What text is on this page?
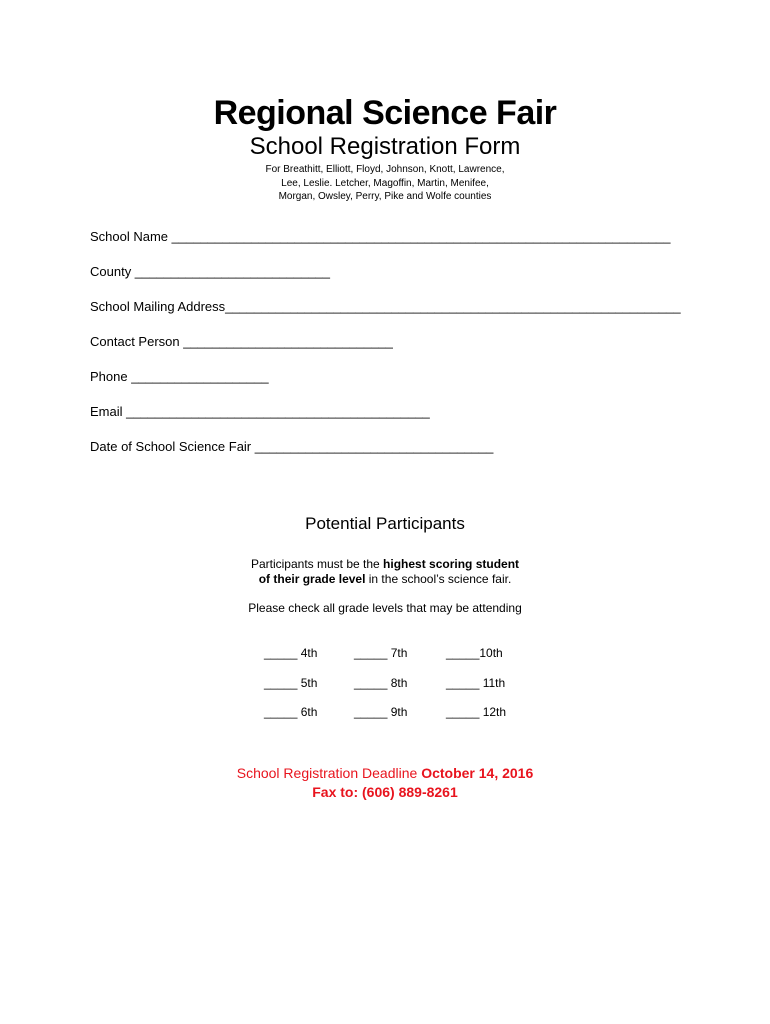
Regional Science Fair
School Registration Form
For Breathitt, Elliott, Floyd, Johnson, Knott, Lawrence,
Lee, Leslie. Letcher, Magoffin, Martin, Menifee,
Morgan, Owsley, Perry, Pike and Wolfe counties
School Name _____________________________________________________________________
County ___________________________
School Mailing Address_______________________________________________________________
Contact Person _____________________________
Phone ___________________
Email __________________________________________
Date of School Science Fair _________________________________
Potential Participants
Participants must be the highest scoring student
of their grade level in the school’s science fair.
Please check all grade levels that may be attending
_____ 4th	_____ 7th	_____10th
_____ 5th	_____ 8th	_____ 11th
_____ 6th	_____ 9th	_____ 12th
School Registration Deadline October 14, 2016
Fax to: (606) 889-8261
